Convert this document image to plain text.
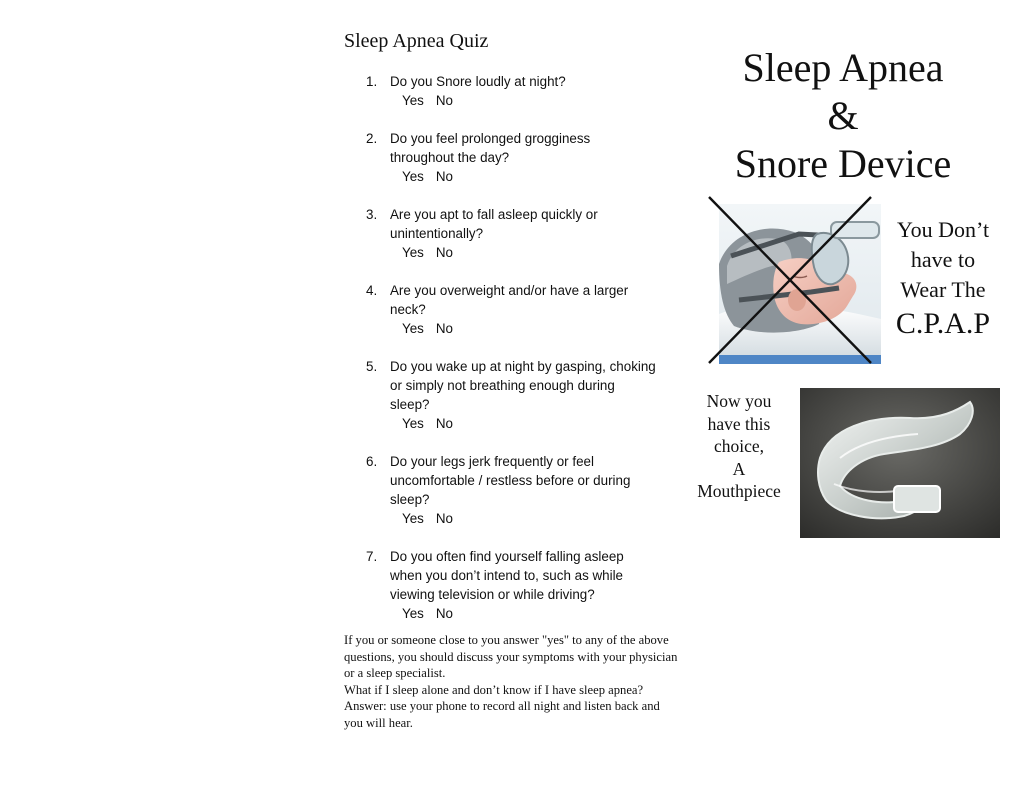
Sleep Apnea Quiz
1. Do you Snore loudly at night?
Yes No
2. Do you feel prolonged grogginess
throughout the day?
Yes No
3. Are you apt to fall asleep quickly or
unintentionally?
Yes No
4. Are you overweight and/or have a larger
neck?
Yes No
5. Do you wake up at night by gasping, choking
or simply not breathing enough during
sleep?
Yes No
6. Do your legs jerk frequently or feel
uncomfortable / restless before or during
sleep?
Yes No
7. Do you often find yourself falling asleep
when you don’t intend to, such as while
viewing television or while driving?
Yes No

If you or someone close to you answer "yes" to any of the above questions, you should discuss your symptoms with your physician or a sleep specialist.

What if I sleep alone and don’t know if I have sleep apnea? Answer: use your phone to record all night and listen back and you will hear.

Sleep Apnea
&
Snore Device
You Don’t
have to
Wear The
C.P.A.P
Now you
have this
choice,
A
Mouthpiece
